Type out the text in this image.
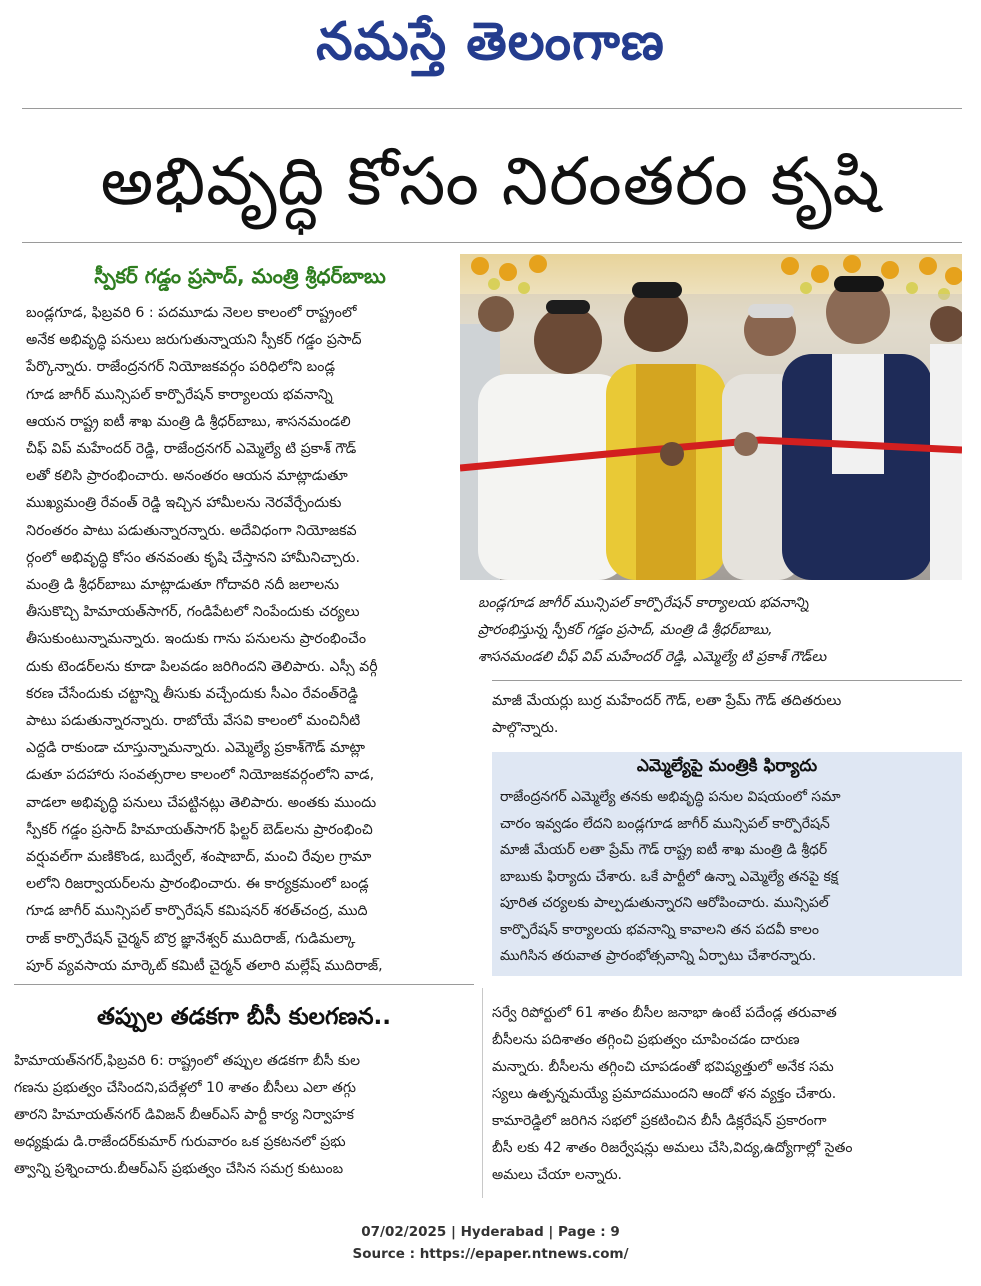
నమస్తే తెలంగాణ
అభివృద్ధి కోసం నిరంతరం కృషి
స్పీకర్ గడ్డం ప్రసాద్, మంత్రి శ్రీధర్‌బాబు

బండ్లగూడ, ఫిబ్రవరి 6 : పదమూడు నెలల కాలంలో రాష్ట్రంలో

అనేక అభివృద్ధి పనులు జరుగుతున్నాయని స్పీకర్ గడ్డం ప్రసాద్

పేర్కొన్నారు. రాజేంద్రనగర్ నియోజకవర్గం పరిధిలోని బండ్ల

గూడ జాగీర్ మున్సిపల్ కార్పొరేషన్ కార్యాలయ భవనాన్ని

ఆయన రాష్ట్ర ఐటీ శాఖ మంత్రి డి శ్రీధర్‌బాబు, శాసనమండలి

చీఫ్ విప్ మహేందర్ రెడ్డి, రాజేంద్రనగర్ ఎమ్మెల్యే టి ప్రకాశ్ గౌడ్

లతో కలిసి ప్రారంభించారు. అనంతరం ఆయన మాట్లాడుతూ

ముఖ్యమంత్రి రేవంత్ రెడ్డి ఇచ్చిన హామీలను నెరవేర్చేందుకు

నిరంతరం పాటు పడుతున్నారన్నారు. అదేవిధంగా నియోజకవ

ర్గంలో అభివృద్ధి కోసం తనవంతు కృషి చేస్తానని హామీనిచ్చారు.

మంత్రి డి శ్రీధర్‌బాబు మాట్లాడుతూ గోదావరి నదీ జలాలను

తీసుకొచ్చి హిమాయత్‌సాగర్, గండిపేటలో నింపేందుకు చర్యలు

తీసుకుంటున్నామన్నారు. ఇందుకు గాను పనులను ప్రారంభించేం

దుకు టెండర్‌లను కూడా పిలవడం జరిగిందని తెలిపారు. ఎస్సీ వర్గీ

కరణ చేసేందుకు చట్టాన్ని తీసుకు వచ్చేందుకు సీఎం రేవంత్‌రెడ్డి

పాటు పడుతున్నారన్నారు. రాబోయే వేసవి కాలంలో మంచినీటి

ఎద్దడి రాకుండా చూస్తున్నామన్నారు. ఎమ్మెల్యే ప్రకాశ్‌గౌడ్ మాట్లా

డుతూ పదహారు సంవత్సరాల కాలంలో నియోజకవర్గంలోని వాడ,

వాడలా అభివృద్ధి పనులు చేపట్టినట్లు తెలిపారు. అంతకు ముందు

స్పీకర్ గడ్డం ప్రసాద్ హిమాయత్‌సాగర్ ఫిల్టర్ బెడ్‌లను ప్రారంభించి

వర్షువల్‌గా మణికొండ, బుద్వేల్, శంషాబాద్, మంచి రేవుల గ్రామా

లలోని రిజర్వాయర్‌లను ప్రారంభించారు. ఈ కార్యక్రమంలో బండ్ల

గూడ జాగీర్ మున్సిపల్ కార్పొరేషన్ కమిషనర్ శరత్‌చంద్ర, ముది

రాజ్ కార్పొరేషన్ చైర్మన్ బొర్ర జ్ఞానేశ్వర్ ముదిరాజ్, గుడిమల్కా

పూర్ వ్యవసాయ మార్కెట్ కమిటీ చైర్మన్ తలారి మల్లేష్ ముదిరాజ్,

బండ్లగూడ జాగీర్ మున్సిపల్ కార్పొరేషన్ కార్యాలయ భవనాన్ని
ప్రారంభిస్తున్న స్పీకర్ గడ్డం ప్రసాద్, మంత్రి డి శ్రీధర్‌బాబు,
శాసనమండలి చీఫ్ విప్ మహేందర్ రెడ్డి, ఎమ్మెల్యే టి ప్రకాశ్ గౌడ్‌లు

మాజీ మేయర్లు బుర్ర మహేందర్ గౌడ్, లతా ప్రేమ్ గౌడ్ తదితరులు

పాల్గొన్నారు.

ఎమ్మెల్యేపై మంత్రికి ఫిర్యాదు

రాజేంద్రనగర్ ఎమ్మెల్యే తనకు అభివృద్ధి పనుల విషయంలో సమా

చారం ఇవ్వడం లేదని బండ్లగూడ జాగీర్ మున్సిపల్ కార్పొరేషన్

మాజీ మేయర్ లతా ప్రేమ్ గౌడ్ రాష్ట్ర ఐటీ శాఖ మంత్రి డి శ్రీధర్

బాబుకు ఫిర్యాదు చేశారు. ఒకే పార్టీలో ఉన్నా ఎమ్మెల్యే తనపై కక్ష

పూరిత చర్యలకు పాల్పడుతున్నారని ఆరోపించారు. మున్సిపల్

కార్పొరేషన్ కార్యాలయ భవనాన్ని కావాలని తన పదవీ కాలం

ముగిసిన తరువాత ప్రారంభోత్సవాన్ని ఏర్పాటు చేశారన్నారు.

తప్పుల తడకగా బీసీ కులగణన..

హిమాయత్‌నగర్,ఫిబ్రవరి 6: రాష్ట్రంలో తప్పుల తడకగా బీసీ కుల

గణను ప్రభుత్వం చేసిందని,పదేళ్లలో 10 శాతం బీసీలు ఎలా తగ్గు

తారని హిమాయత్‌నగర్ డివిజన్ బీఆర్‌ఎస్ పార్టీ కార్య నిర్వాహక

అధ్యక్షుడు డి.రాజేందర్‌కుమార్ గురువారం ఒక ప్రకటనలో ప్రభు

త్వాన్ని ప్రశ్నించారు.బీఆర్‌ఎస్ ప్రభుత్వం చేసిన సమగ్ర కుటుంబ

సర్వే రిపోర్టులో 61 శాతం బీసీల జనాభా ఉంటే పదేండ్ల తరువాత

బీసీలను పదిశాతం తగ్గించి ప్రభుత్వం చూపించడం దారుణ

మన్నారు. బీసీలను తగ్గించి చూపడంతో భవిష్యత్తులో అనేక సమ

స్యలు ఉత్పన్నమయ్యే ప్రమాదముందని ఆందో ళన వ్యక్తం చేశారు.

కామారెడ్డిలో జరిగిన సభలో ప్రకటించిన బీసీ డిక్లరేషన్ ప్రకారంగా

బీసీ లకు 42 శాతం రిజర్వేషన్లు అమలు చేసి,విద్య,ఉద్యోగాల్లో సైతం

అమలు చేయా లన్నారు.

07/02/2025 | Hyderabad | Page : 9
Source : https://epaper.ntnews.com/
